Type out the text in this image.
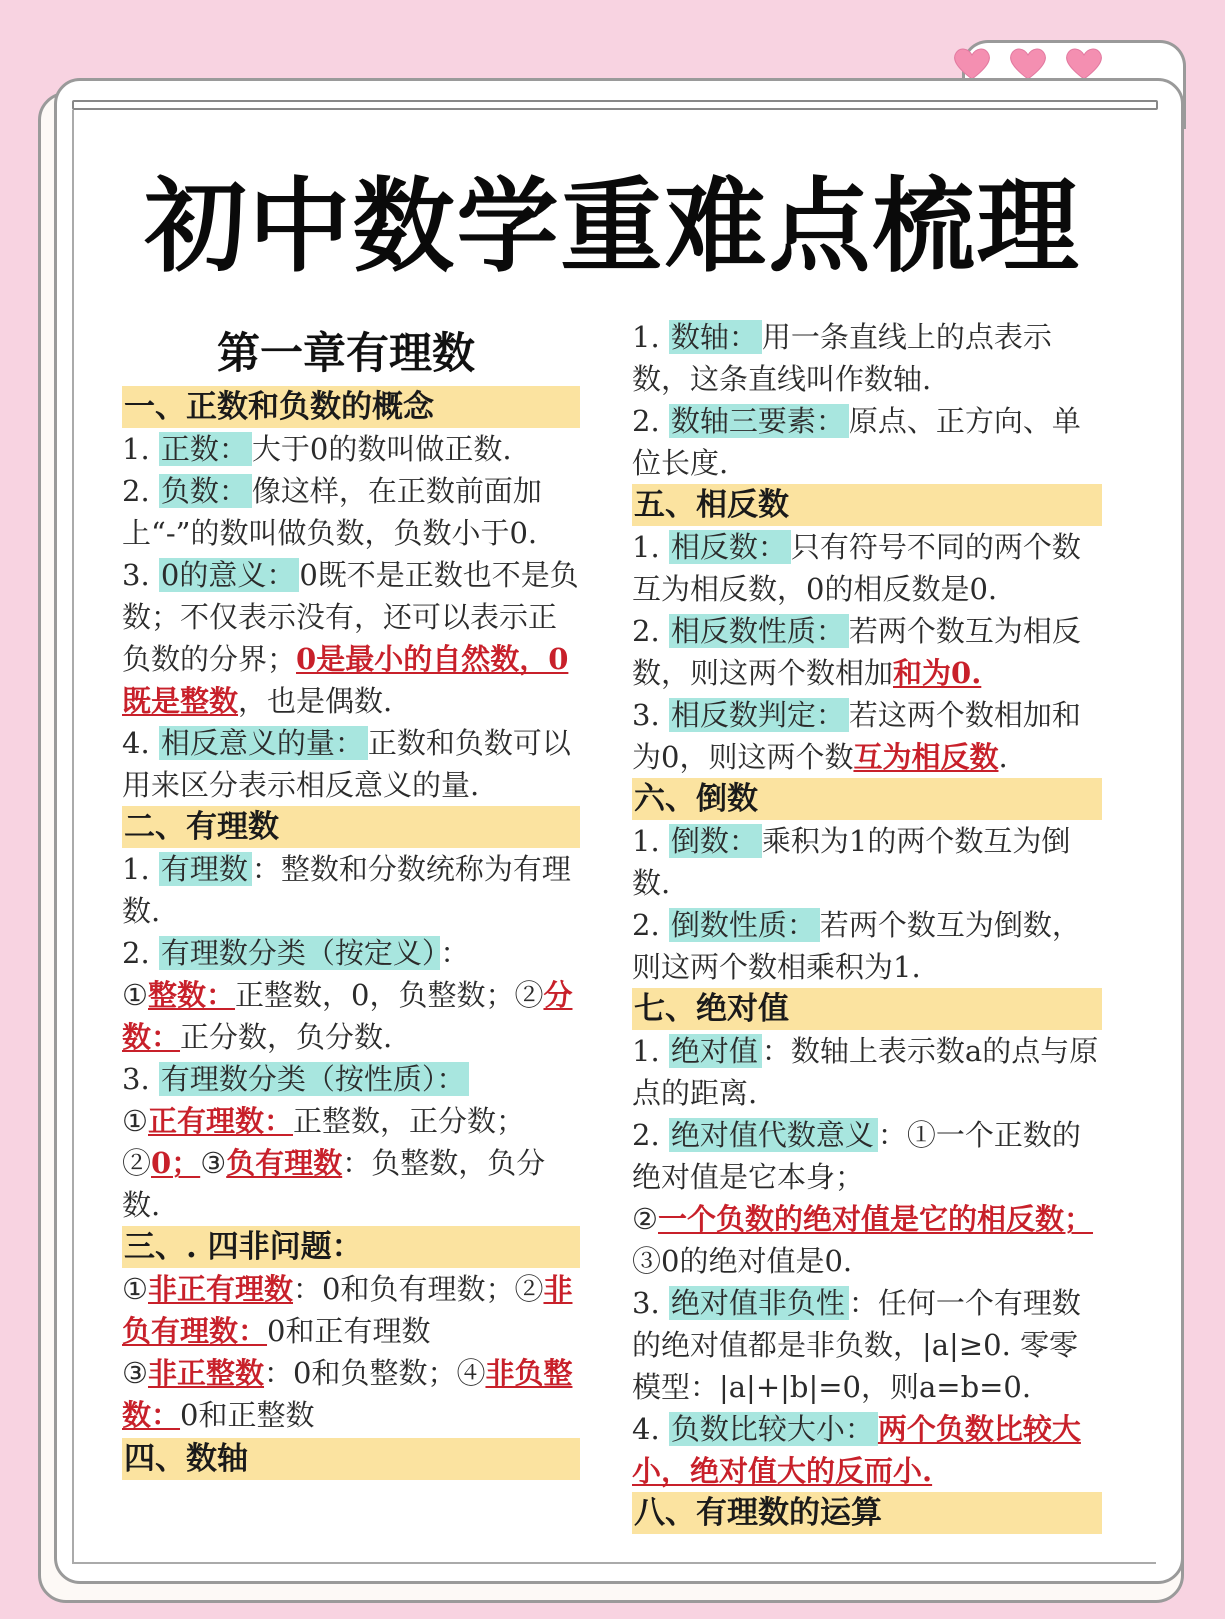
初中数学重难点梳理
第一章有理数
一、正数和负数的概念
1. 正数： 大于0的数叫做正数.
2. 负数： 像这样，在正数前面加上“-”的数叫做负数，负数小于0.
3. 0的意义： 0既不是正数也不是负数；不仅表示没有，还可以表示正负数的分界；0是最小的自然数，0既是整数，也是偶数.
4. 相反意义的量： 正数和负数可以用来区分表示相反意义的量.
二、有理数
1. 有理数 ：整数和分数统称为有理数.
2. 有理数分类（按定义） ：
①整数：正整数，0，负整数；②分数：正分数，负分数.
3. 有理数分类（按性质）：
①正有理数：正整数，正分数；②0；③负有理数：负整数，负分数.
三、. 四非问题：
①非正有理数：0和负有理数；②非负有理数：0和正有理数
③非正整数：0和负整数；④非负整数：0和正整数
四、数轴
1. 数轴： 用一条直线上的点表示数，这条直线叫作数轴.
2. 数轴三要素： 原点、正方向、单位长度.
五、相反数
1. 相反数： 只有符号不同的两个数互为相反数，0的相反数是0.
2. 相反数性质： 若两个数互为相反数，则这两个数相加和为0.
3. 相反数判定： 若这两个数相加和为0，则这两个数互为相反数.
六、倒数
1. 倒数： 乘积为1的两个数互为倒数.
2. 倒数性质： 若两个数互为倒数，则这两个数相乘积为1.
七、绝对值
1. 绝对值 ：数轴上表示数a的点与原点的距离.
2. 绝对值代数意义 ：①一个正数的绝对值是它本身；
②一个负数的绝对值是它的相反数；③0的绝对值是0.
3. 绝对值非负性 ：任何一个有理数的绝对值都是非负数，|a|≥0. 零零模型：|a|+|b|=0，则a=b=0.
4. 负数比较大小： 两个负数比较大小，绝对值大的反而小.
八、有理数的运算
